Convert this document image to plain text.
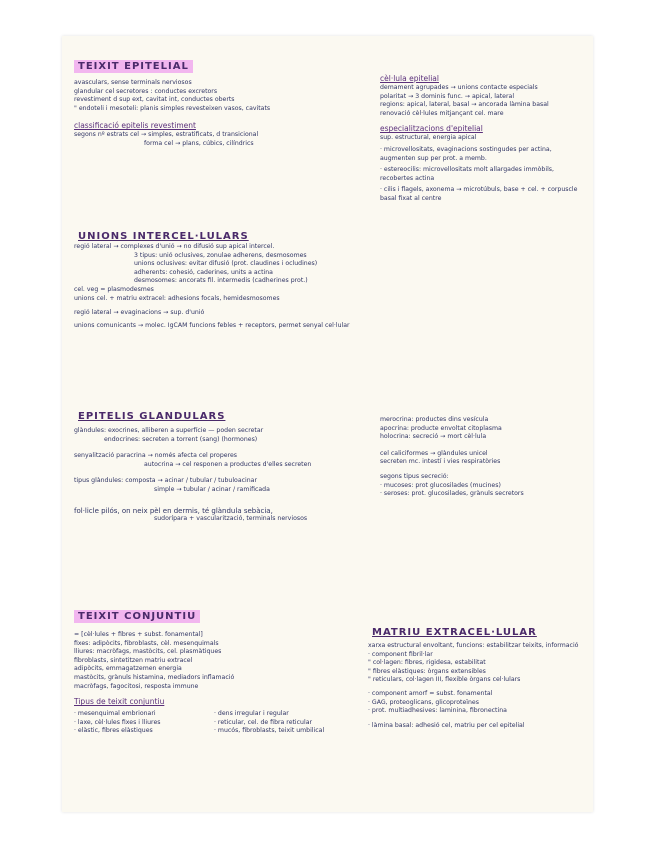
TEIXIT EPITELIAL
avasculars, sense terminals nerviosos
glandular cel secretores : conductes excretors
revestiment d sup ext, cavitat int, conductes oberts
" endoteli i mesoteli: planis simples revesteixen vasos, cavitats
classificació epitelis revestiment
segons nº estrats cel → simples, estratificats, d transicional
forma cel → plans, cúbics, cilíndrics
UNIONS INTERCEL·LULARS
regió lateral → complexes d'unió → no difusió sup apical intercel.
3 tipus: unió oclusives, zonulae adherens, desmosomes
unions oclusives: evitar difusió (prot. claudines i ocludines)
adherents: cohesió, caderines, units a actina
desmosomes: ancorats fil. intermedis (cadherines prot.)
cel. veg = plasmodesmes
unions cel. + matriu extracel: adhesions focals, hemidesmosomes
regió lateral → evaginacions → sup. d'unió
unions comunicants → molec. IgCAM funcions febles + receptors, permet senyal cel·lular
cèl·lula epitelial
demament agrupades → unions contacte especials
polaritat → 3 dominis func. → apical, lateral
regions: apical, lateral, basal → ancorada làmina basal
renovació cèl·lules mitjançant cel. mare
especialitzacions d'epitelial
sup. estructural, energia apical
· microvellositats, evaginacions sostingudes per actina, augmenten sup per prot. a memb.
· estereocilis: microvellositats molt allargades immòbils, recobertes actina
· cilis i flagels, axonema → microtúbuls, base + cel. + corpuscle basal fixat al centre
EPITELIS GLANDULARS
glàndules: exocrines, alliberen a superfície — poden secretar
endocrines: secreten a torrent (sang) (hormones)
senyalització paracrina → només afecta cel properes
autocrina → cel responen a productes d'elles secreten
tipus glàndules: composta → acinar / tubular / tubuloacinar
simple → tubular / acinar / ramificada
fol·licle pilós, on neix pèl en dermis, té glàndula sebàcia,
sudorípara + vascularització, terminals nerviosos
merocrina: productes dins vesícula
apocrina: producte envoltat citoplasma
holocrina: secreció → mort cèl·lula
cel caliciformes → glàndules unicel
secreten mc. intestí i vies respiratòries
segons tipus secreció:
· mucoses: prot glucosilades (mucines)
· seroses: prot. glucosilades, grànuls secretors
TEIXIT CONJUNTIU
= [cèl·lules + fibres + subst. fonamental]
fixes: adipòcits, fibroblasts, cèl. mesenquimals
lliures: macròfags, mastòcits, cel. plasmàtiques
fibroblasts, sintetitzen matriu extracel
adipòcits, emmagatzemen energia
mastòcits, grànuls histamina, mediadors inflamació
macròfags, fagocitosi, resposta immune
Tipus de teixit conjuntiu
· mesenquimal embrionari	· dens irregular i regular
· laxe, cèl·lules fixes i lliures	· reticular, cel. de fibra reticular
· elàstic, fibres elàstiques	· mucós, fibroblasts, teixit umbilical
MATRIU EXTRACEL·LULAR
xarxa estructural envoltant, funcions: estabilitzar teixits, informació
· component fibril·lar
" col·lagen: fibres, rigidesa, estabilitat
" fibres elàstiques: òrgans extensibles
" reticulars, col·lagen III, flexible òrgans cel·lulars
· component amorf = subst. fonamental
· GAG, proteoglicans, glicoproteïnes
· prot. multiadhesives: laminina, fibronectina
· làmina basal: adhesió cel, matriu per cel epitelial
